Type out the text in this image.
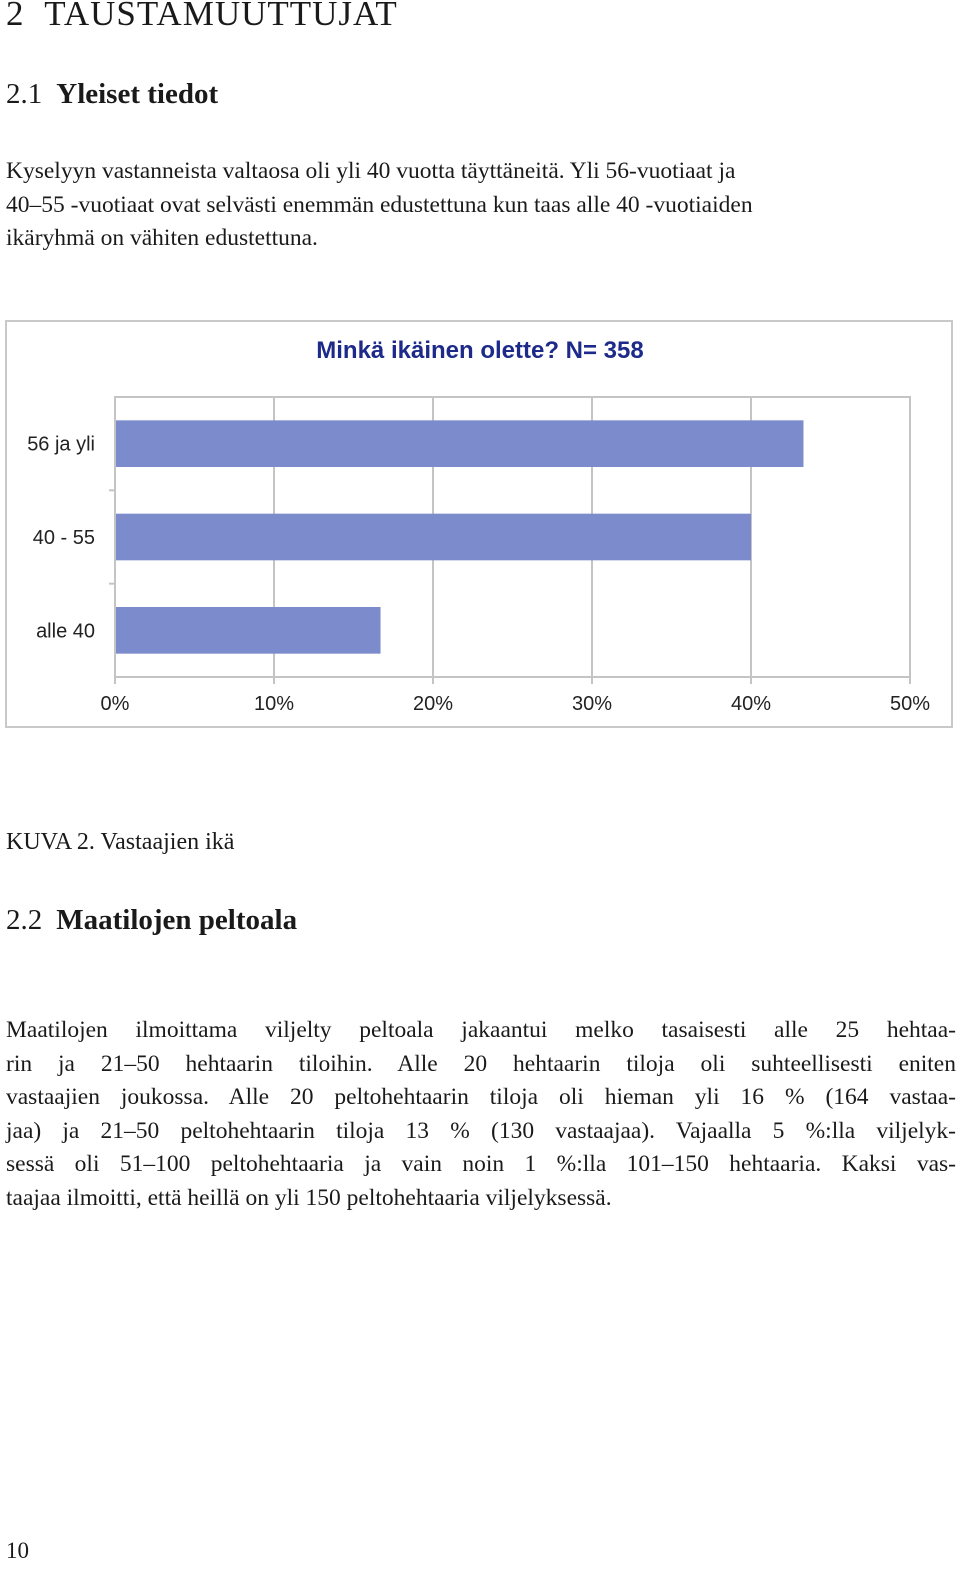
2 TAUSTAMUUTTUJAT
2.1 Yleiset tiedot
Kyselyyn vastanneista valtaosa oli yli 40 vuotta täyttäneitä. Yli 56-vuotiaat ja
40–55 -vuotiaat ovat selvästi enemmän edustettuna kun taas alle 40 -vuotiaiden
ikäryhmä on vähiten edustettuna.
0%	10%	20%	30%	40%	50%
56 ja yli
40 - 55
alle 40
Minkä ikäinen olette? N= 358
KUVA 2. Vastaajien ikä
2.2 Maatilojen peltoala
Maatilojen ilmoittama viljelty peltoala jakaantui melko tasaisesti alle 25 hehtaa-
rin ja 21–50 hehtaarin tiloihin. Alle 20 hehtaarin tiloja oli suhteellisesti eniten
vastaajien joukossa. Alle 20 peltohehtaarin tiloja oli hieman yli 16 % (164 vastaa-
jaa) ja 21–50 peltohehtaarin tiloja 13 % (130 vastaajaa). Vajaalla 5 %:lla viljelyk-
sessä oli 51–100 peltohehtaaria ja vain noin 1 %:lla 101–150 hehtaaria. Kaksi vas-
taajaa ilmoitti, että heillä on yli 150 peltohehtaaria viljelyksessä.
10
